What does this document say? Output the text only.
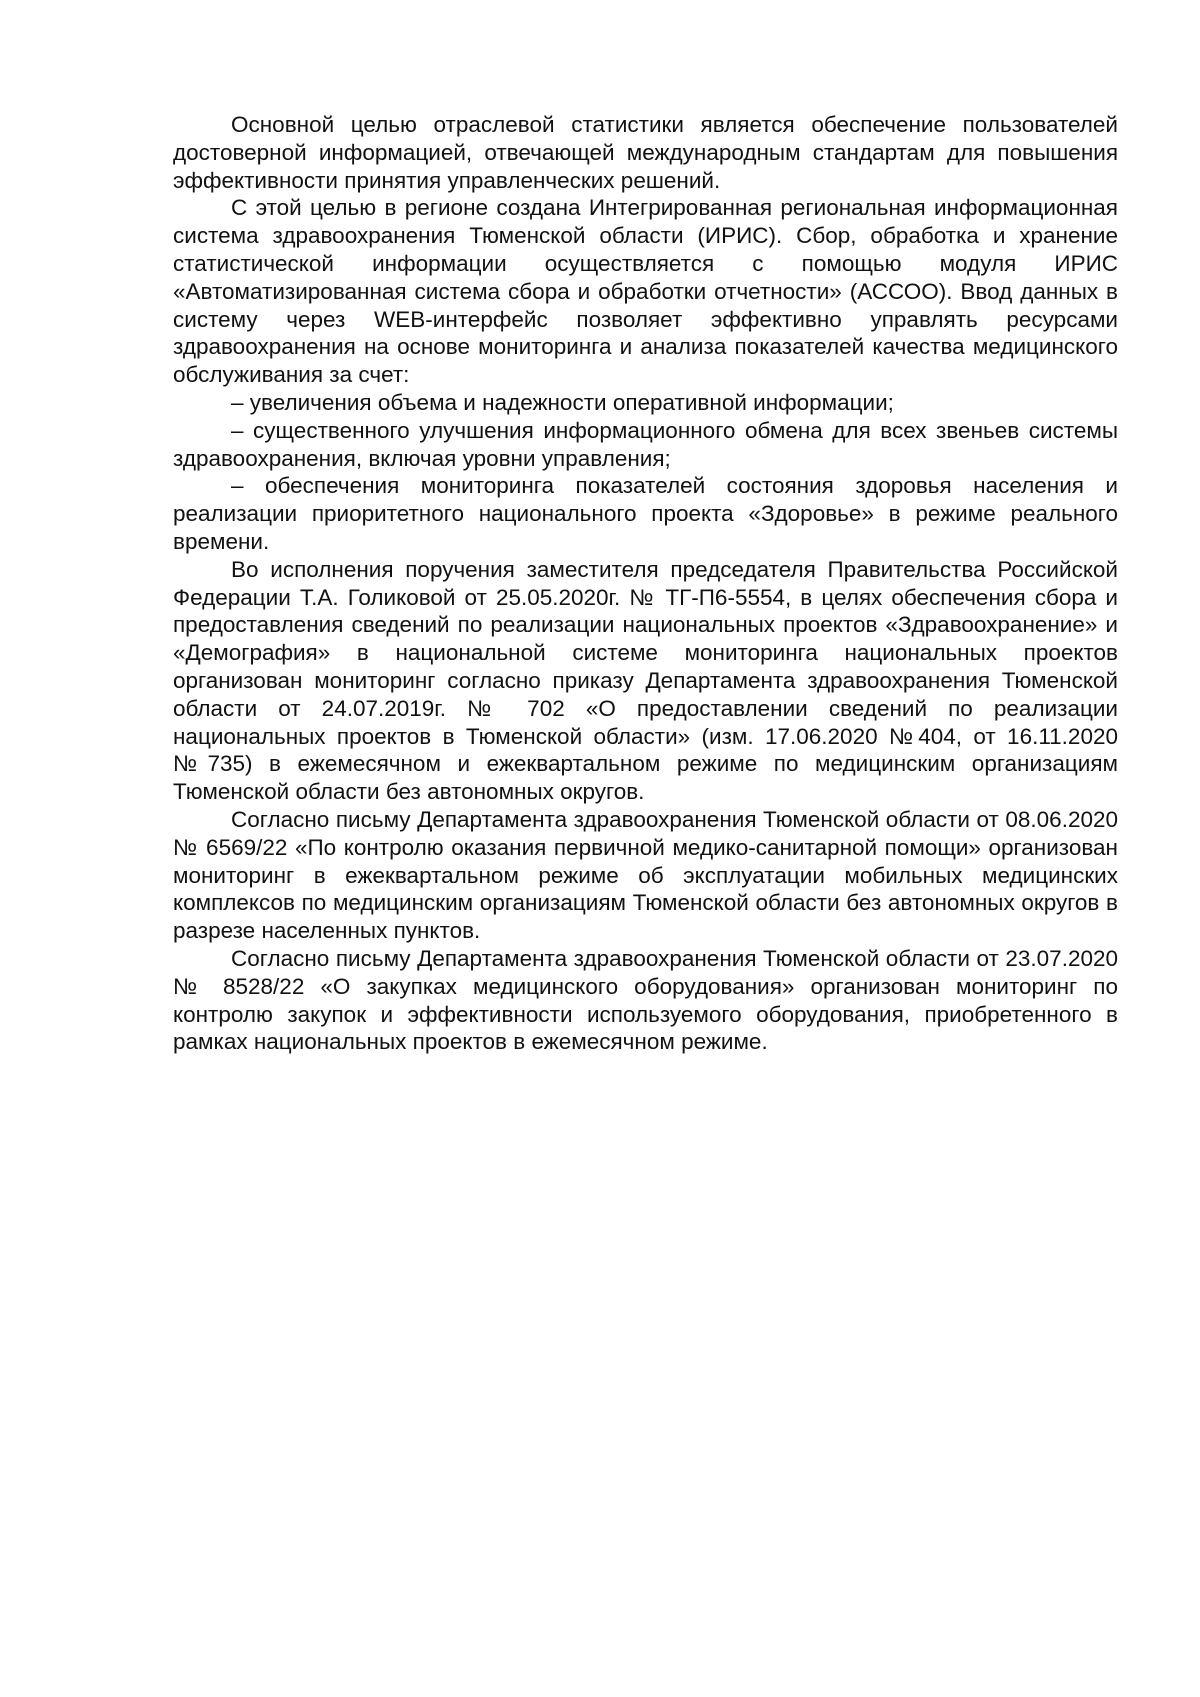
Основной целью отраслевой статистики является обеспечение пользователей достоверной информацией, отвечающей международным стандартам для повышения эффективности принятия управленческих решений.

С этой целью в регионе создана Интегрированная региональная информационная система здравоохранения Тюменской области (ИРИС). Сбор, обработка и хранение статистической информации осуществляется с помощью модуля ИРИС «Автоматизированная система сбора и обработки отчетности» (АССОО). Ввод данных в систему через WEB-интерфейс позволяет эффективно управлять ресурсами здравоохранения на основе мониторинга и анализа показателей качества медицинского обслуживания за счет:

– увеличения объема и надежности оперативной информации;

– существенного улучшения информационного обмена для всех звеньев системы здравоохранения, включая уровни управления;

– обеспечения мониторинга показателей состояния здоровья населения и реализации приоритетного национального проекта «Здоровье» в режиме реального времени.

Во исполнения поручения заместителя председателя Правительства Российской Федерации Т.А. Голиковой от 25.05.2020г. № ТГ-П6-5554, в целях обеспечения сбора и предоставления сведений по реализации национальных проектов «Здравоохранение» и «Демография» в национальной системе мониторинга национальных проектов организован мониторинг согласно приказу Департамента здравоохранения Тюменской области от 24.07.2019г. № 702 «О предоставлении сведений по реализации национальных проектов в Тюменской области» (изм. 17.06.2020 №404, от 16.11.2020 №735) в ежемесячном и ежеквартальном режиме по медицинским организациям Тюменской области без автономных округов.

Согласно письму Департамента здравоохранения Тюменской области от 08.06.2020 № 6569/22 «По контролю оказания первичной медико-санитарной помощи» организован мониторинг в ежеквартальном режиме об эксплуатации мобильных медицинских комплексов по медицинским организациям Тюменской области без автономных округов в разрезе населенных пунктов.

Согласно письму Департамента здравоохранения Тюменской области от 23.07.2020 № 8528/22 «О закупках медицинского оборудования» организован мониторинг по контролю закупок и эффективности используемого оборудования, приобретенного в рамках национальных проектов в ежемесячном режиме.
